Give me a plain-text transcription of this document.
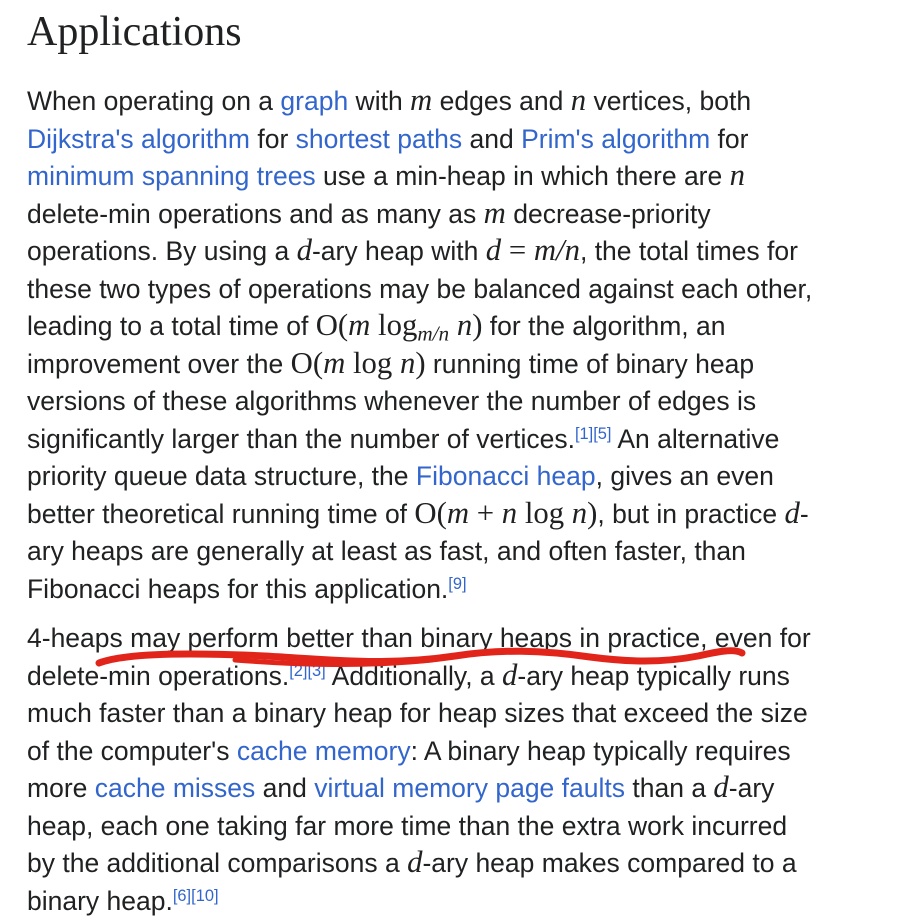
Applications

When operating on a graph with m edges and n vertices, both
Dijkstra's algorithm for shortest paths and Prim's algorithm for
minimum spanning trees use a min-heap in which there are n
delete-min operations and as many as m decrease-priority
operations. By using a d-ary heap with d = m/n, the total times for
these two types of operations may be balanced against each other,
leading to a total time of O(m logm/n n) for the algorithm, an
improvement over the O(m log n) running time of binary heap
versions of these algorithms whenever the number of edges is
significantly larger than the number of vertices.[1][5] An alternative
priority queue data structure, the Fibonacci heap, gives an even
better theoretical running time of O(m + n log n), but in practice d-
ary heaps are generally at least as fast, and often faster, than
Fibonacci heaps for this application.[9]

4-heaps may perform better than binary heaps in practice, even for
delete-min operations.[2][3] Additionally, a d-ary heap typically runs
much faster than a binary heap for heap sizes that exceed the size
of the computer's cache memory: A binary heap typically requires
more cache misses and virtual memory page faults than a d-ary
heap, each one taking far more time than the extra work incurred
by the additional comparisons a d-ary heap makes compared to a
binary heap.[6][10]
